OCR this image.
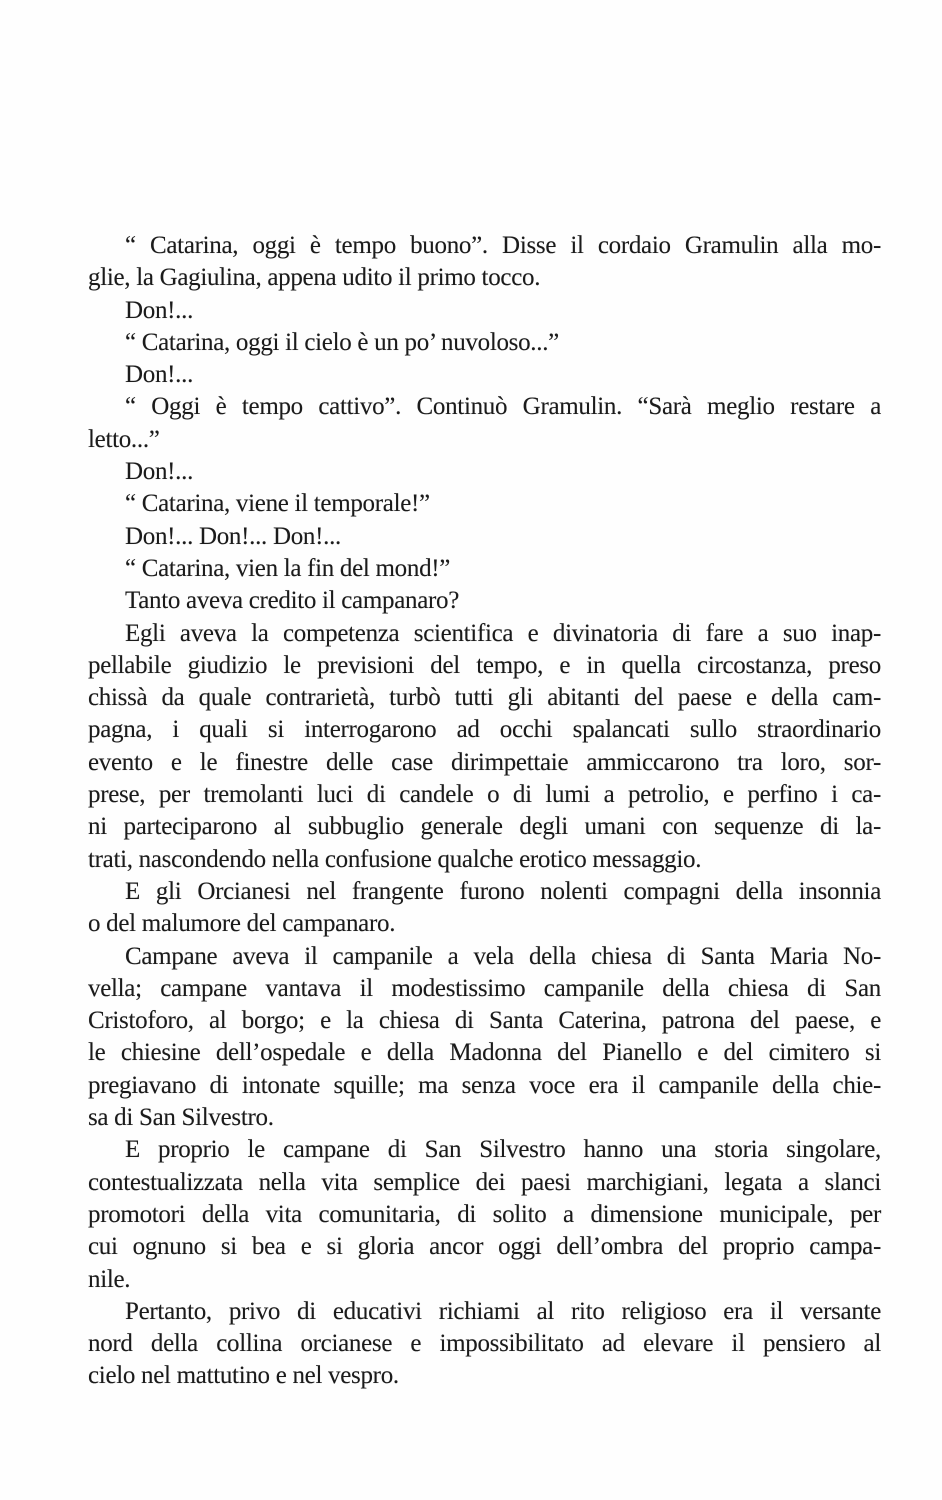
“ Catarina, oggi è tempo buono”. Disse il cordaio Gramulin alla mo-
glie, la Gagiulina, appena udito il primo tocco.
Don!...
“ Catarina, oggi il cielo è un po’ nuvoloso...”
Don!...
“ Oggi è tempo cattivo”. Continuò Gramulin. “Sarà meglio restare a
letto...”
Don!...
“ Catarina, viene il temporale!”
Don!... Don!... Don!...
“ Catarina, vien la fin del mond!”
Tanto aveva credito il campanaro?
Egli aveva la competenza scientifica e divinatoria di fare a suo inap-
pellabile giudizio le previsioni del tempo, e in quella circostanza, preso
chissà da quale contrarietà, turbò tutti gli abitanti del paese e della cam-
pagna, i quali si interrogarono ad occhi spalancati sullo straordinario
evento e le finestre delle case dirimpettaie ammiccarono tra loro, sor-
prese, per tremolanti luci di candele o di lumi a petrolio, e perfino i ca-
ni parteciparono al subbuglio generale degli umani con sequenze di la-
trati, nascondendo nella confusione qualche erotico messaggio.
E gli Orcianesi nel frangente furono nolenti compagni della insonnia
o del malumore del campanaro.
Campane aveva il campanile a vela della chiesa di Santa Maria No-
vella; campane vantava il modestissimo campanile della chiesa di San
Cristoforo, al borgo; e la chiesa di Santa Caterina, patrona del paese, e
le chiesine dell’ospedale e della Madonna del Pianello e del cimitero si
pregiavano di intonate squille; ma senza voce era il campanile della chie-
sa di San Silvestro.
E proprio le campane di San Silvestro hanno una storia singolare,
contestualizzata nella vita semplice dei paesi marchigiani, legata a slanci
promotori della vita comunitaria, di solito a dimensione municipale, per
cui ognuno si bea e si gloria ancor oggi dell’ombra del proprio campa-
nile.
Pertanto, privo di educativi richiami al rito religioso era il versante
nord della collina orcianese e impossibilitato ad elevare il pensiero al
cielo nel mattutino e nel vespro.
